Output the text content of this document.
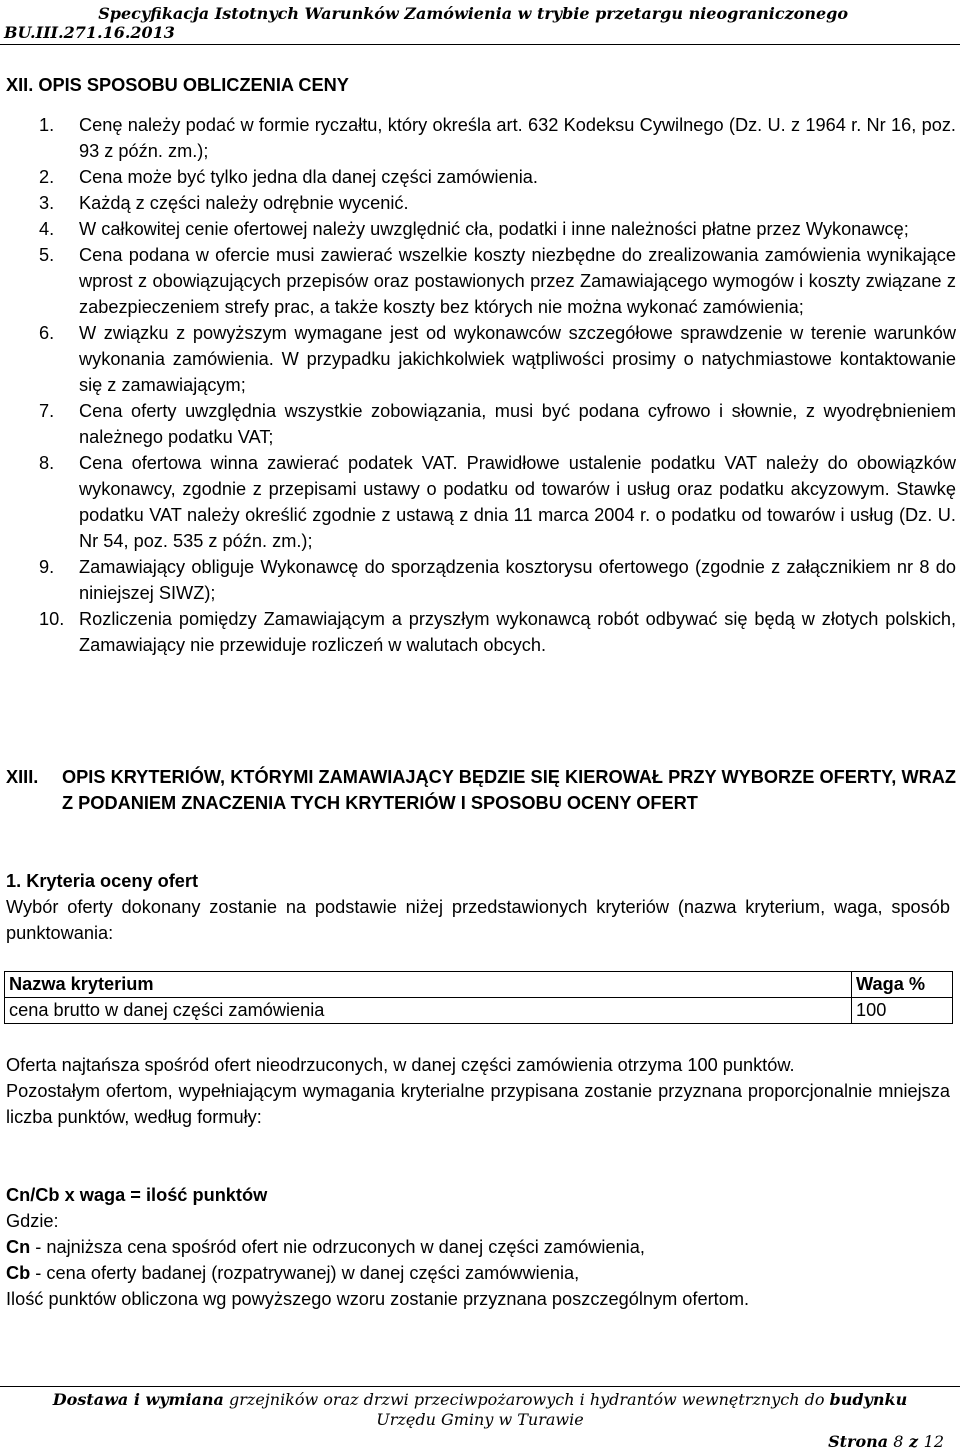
Specyfikacja Istotnych Warunków Zamówienia w trybie przetargu nieograniczonego
BU.III.271.16.2013

XII. OPIS SPOSOBU OBLICZENIA CENY

1. Cenę należy podać w formie ryczałtu, który określa art. 632 Kodeksu Cywilnego (Dz. U. z 1964 r. Nr 16, poz. 93 z późn. zm.);
2. Cena może być tylko jedna dla danej części zamówienia.
3. Każdą z części należy odrębnie wycenić.
4. W całkowitej cenie ofertowej należy uwzględnić cła, podatki i inne należności płatne przez Wykonawcę;
5. Cena podana w ofercie musi zawierać wszelkie koszty niezbędne do zrealizowania zamówienia wynikające wprost z obowiązujących przepisów oraz postawionych przez Zamawiającego wymogów i koszty związane z zabezpieczeniem strefy prac, a także koszty bez których nie można wykonać zamówienia;
6. W związku z powyższym wymagane jest od wykonawców szczegółowe sprawdzenie w terenie warunków wykonania zamówienia. W przypadku jakichkolwiek wątpliwości prosimy o natychmiastowe kontaktowanie się z zamawiającym;
7. Cena oferty uwzględnia wszystkie zobowiązania, musi być podana cyfrowo i słownie, z wyodrębnieniem należnego podatku VAT;
8. Cena ofertowa winna zawierać podatek VAT. Prawidłowe ustalenie podatku VAT należy do obowiązków wykonawcy, zgodnie z przepisami ustawy o podatku od towarów i usług oraz podatku akcyzowym. Stawkę podatku VAT należy określić zgodnie z ustawą z dnia 11 marca 2004 r. o podatku od towarów i usług (Dz. U. Nr 54, poz. 535 z późn. zm.);
9. Zamawiający obliguje Wykonawcę do sporządzenia kosztorysu ofertowego (zgodnie z załącznikiem nr 8 do niniejszej SIWZ);
10. Rozliczenia pomiędzy Zamawiającym a przyszłym wykonawcą robót odbywać się będą w złotych polskich, Zamawiający nie przewiduje rozliczeń w walutach obcych.
XIII. OPIS KRYTERIÓW, KTÓRYMI ZAMAWIAJĄCY BĘDZIE SIĘ KIEROWAŁ PRZY WYBORZE OFERTY, WRAZ Z PODANIEM ZNACZENIA TYCH KRYTERIÓW I SPOSOBU OCENY OFERT

1. Kryteria oceny ofert

Wybór oferty dokonany zostanie na podstawie niżej przedstawionych kryteriów (nazwa kryterium, waga, sposób punktowania:

Nazwa kryterium	Waga %
cena brutto w danej części zamówienia	100

Oferta najtańsza spośród ofert nieodrzuconych, w danej części zamówienia otrzyma 100 punktów.

Pozostałym ofertom, wypełniającym wymagania kryterialne przypisana zostanie przyznana proporcjonalnie mniejsza liczba punktów, według formuły:

Cn/Cb x waga = ilość punktów

Gdzie:

Cn - najniższa cena spośród ofert nie odrzuconych w danej części zamówienia,

Cb - cena oferty badanej (rozpatrywanej) w danej części zamówwienia,

Ilość punktów obliczona wg powyższego wzoru zostanie przyznana poszczególnym ofertom.

Dostawa i wymiana grzejników oraz drzwi przeciwpożarowych i hydrantów wewnętrznych do budynku
Urzędu Gminy w Turawie
Strona 8 z 12
